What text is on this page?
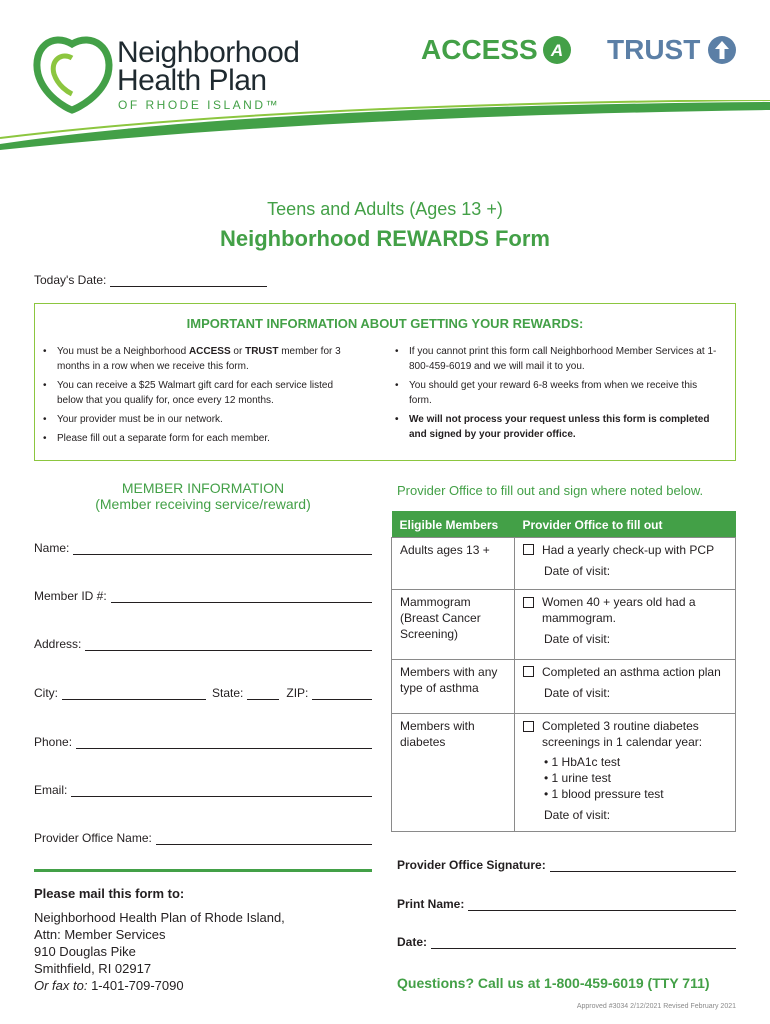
Neighborhood
Health Plan
OF RHODE ISLAND™
ACCESS A TRUST
Teens and Adults (Ages 13 +)
Neighborhood REWARDS Form
Today's Date:
IMPORTANT INFORMATION ABOUT GETTING YOUR REWARDS:
• You must be a Neighborhood ACCESS or TRUST member for 3 months in a row when we receive this form.
• You can receive a $25 Walmart gift card for each service listed below that you qualify for, once every 12 months.
• Your provider must be in our network.
• Please fill out a separate form for each member.
• If you cannot print this form call Neighborhood Member Services at 1-800-459-6019 and we will mail it to you.
• You should get your reward 6-8 weeks from when we receive this form.
• We will not process your request unless this form is completed and signed by your provider office.
MEMBER INFORMATION
(Member receiving service/reward)
Name:
Member ID #:
Address:
City:	State:	ZIP:
Phone:
Email:
Provider Office Name:
Please mail this form to:
Neighborhood Health Plan of Rhode Island,
Attn: Member Services
910 Douglas Pike
Smithfield, RI 02917
Or fax to: 1-401-709-7090
Provider Office to fill out and sign where noted below.
Eligible Members	Provider Office to fill out
Adults ages 13 +	Had a yearly check-up with PCP
Date of visit:

Mammogram (Breast Cancer Screening)	Women 40 + years old had a mammogram.
Date of visit:

Members with any type of asthma	Completed an asthma action plan
Date of visit:

Members with diabetes	Completed 3 routine diabetes screenings in 1 calendar year:
• 1 HbA1c test
• 1 urine test
• 1 blood pressure test
Date of visit:
Provider Office Signature:
Print Name:
Date:
Questions? Call us at 1-800-459-6019 (TTY 711)
Approved #3034 2/12/2021 Revised February 2021
